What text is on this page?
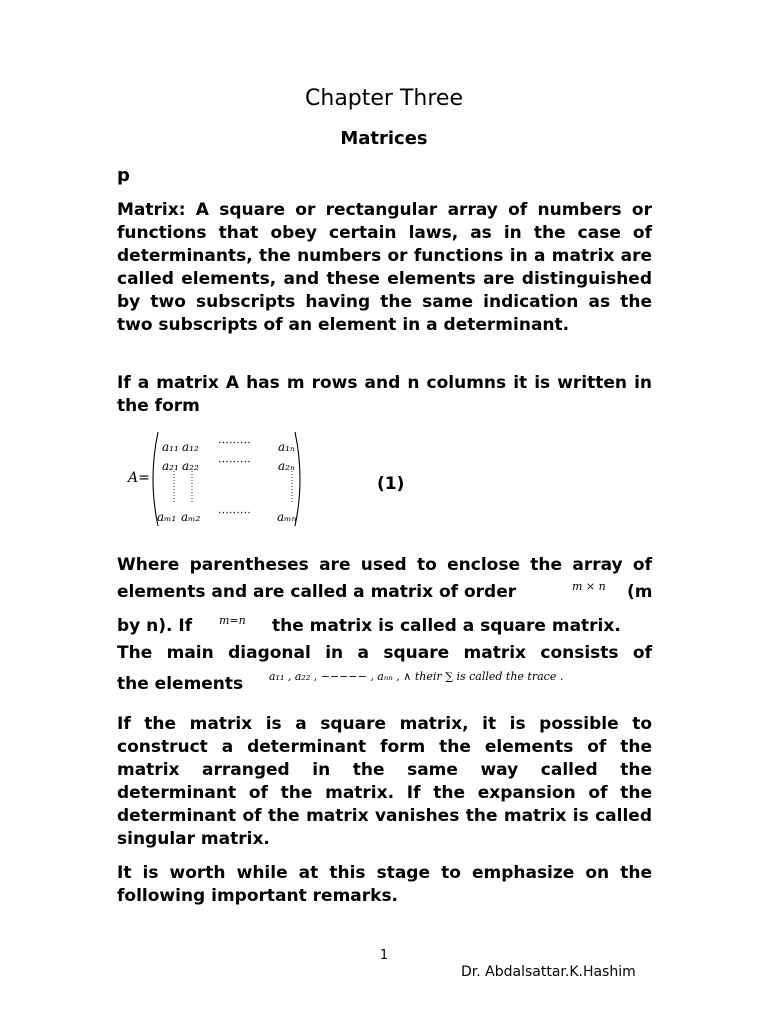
Chapter Three
Matrices
p

Matrix: A square or rectangular array of numbers or functions that obey certain laws, as in the case of determinants, the numbers or functions in a matrix are called elements, and these elements are distinguished by two subscripts having the same indication as the two subscripts of an element in a determinant.

If a matrix A has m rows and n columns it is written in the form

A=
a₁₁ a₁₂ ⋯⋯⋯ a₁ₙ
a₂₁ a₂₂ ⋯⋯⋯ a₂ₙ
aₘ₁ aₘ₂ ⋯⋯⋯ aₘₙ
(1)
Where parentheses are used to enclose the array of
elements and are called a matrix of order	m × n (m
by n). If m=n the matrix is called a square matrix.
The main diagonal in a square matrix consists of
the elements a₁₁ , a₂₂ , −−−−− , aₙₙ , ∧ their ∑ is called the trace .

If the matrix is a square matrix, it is possible to construct a determinant form the elements of the matrix arranged in the same way called the determinant of the matrix. If the expansion of the determinant of the matrix vanishes the matrix is called singular matrix.

It is worth while at this stage to emphasize on the following important remarks.

1
Dr. Abdalsattar.K.Hashim
